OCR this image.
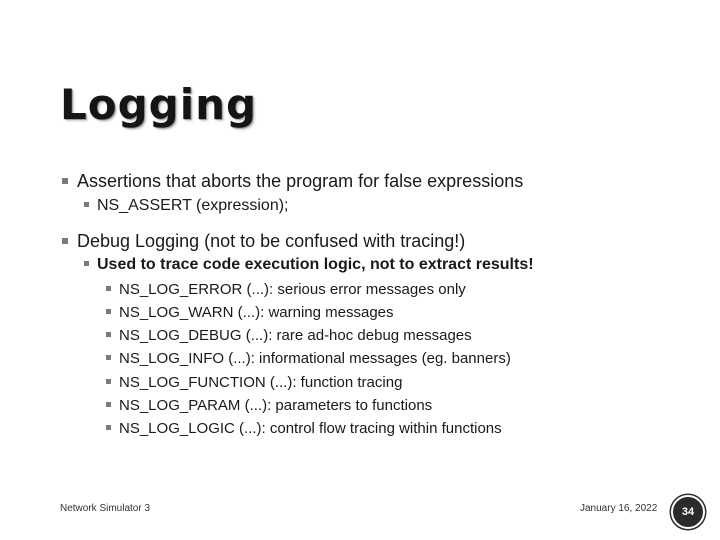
Logging
Assertions that aborts the program for false expressions
NS_ASSERT (expression);
Debug Logging (not to be confused with tracing!)
Used to trace code execution logic, not to extract results!
NS_LOG_ERROR (...): serious error messages only
NS_LOG_WARN (...): warning messages
NS_LOG_DEBUG (...): rare ad-hoc debug messages
NS_LOG_INFO (...): informational messages (eg. banners)
NS_LOG_FUNCTION (...): function tracing
NS_LOG_PARAM (...): parameters to functions
NS_LOG_LOGIC (...): control flow tracing within functions
Network Simulator 3	January 16, 2022	34
